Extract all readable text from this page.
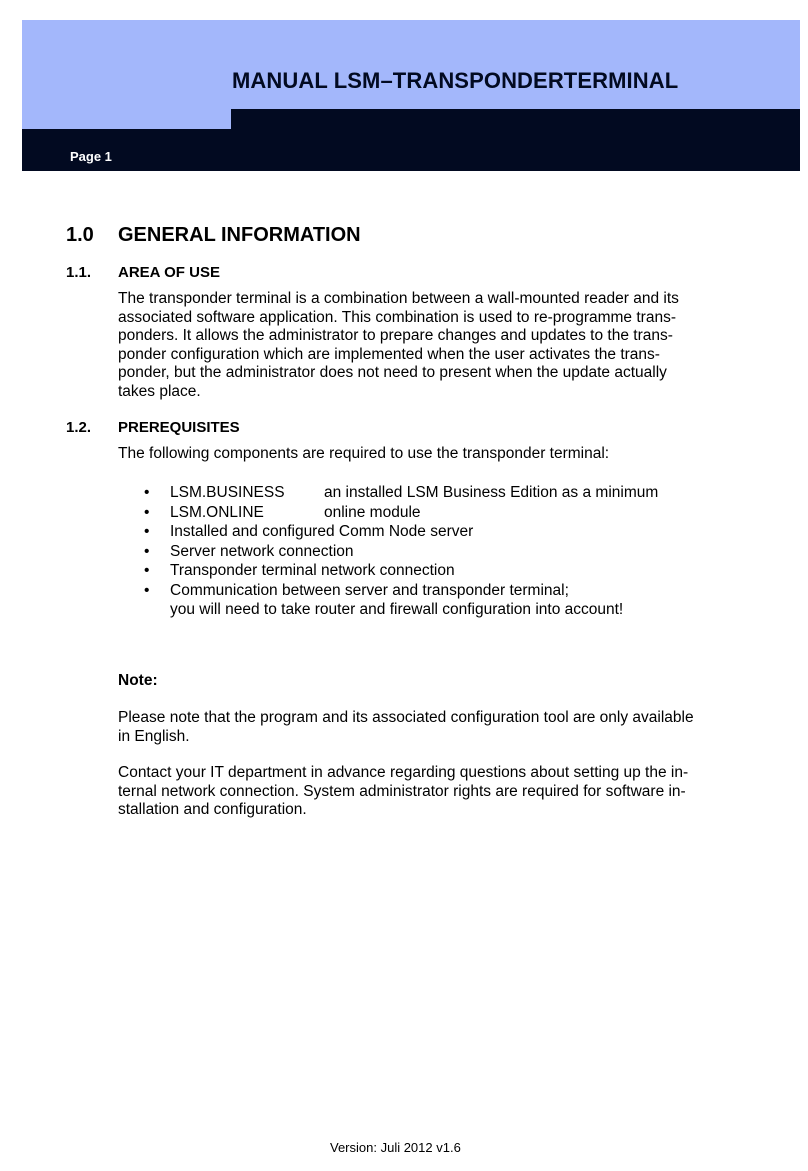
MANUAL LSM–TRANSPONDERTERMINAL
Page 1
1.0 GENERAL INFORMATION
1.1. AREA OF USE
The transponder terminal is a combination between a wall-mounted reader and its
associated software application. This combination is used to re-programme trans-
ponders. It allows the administrator to prepare changes and updates to the trans-
ponder configuration which are implemented when the user activates the trans-
ponder, but the administrator does not need to present when the update actually
takes place.
1.2. PREREQUISITES
The following components are required to use the transponder terminal:
• LSM.BUSINESS	an installed LSM Business Edition as a minimum
• LSM.ONLINE	online module
• Installed and configured Comm Node server
• Server network connection
• Transponder terminal network connection
• Communication between server and transponder terminal;
you will need to take router and firewall configuration into account!
Note:
Please note that the program and its associated configuration tool are only available
in English.
Contact your IT department in advance regarding questions about setting up the in-
ternal network connection. System administrator rights are required for software in-
stallation and configuration.
Version: Juli 2012 v1.6
